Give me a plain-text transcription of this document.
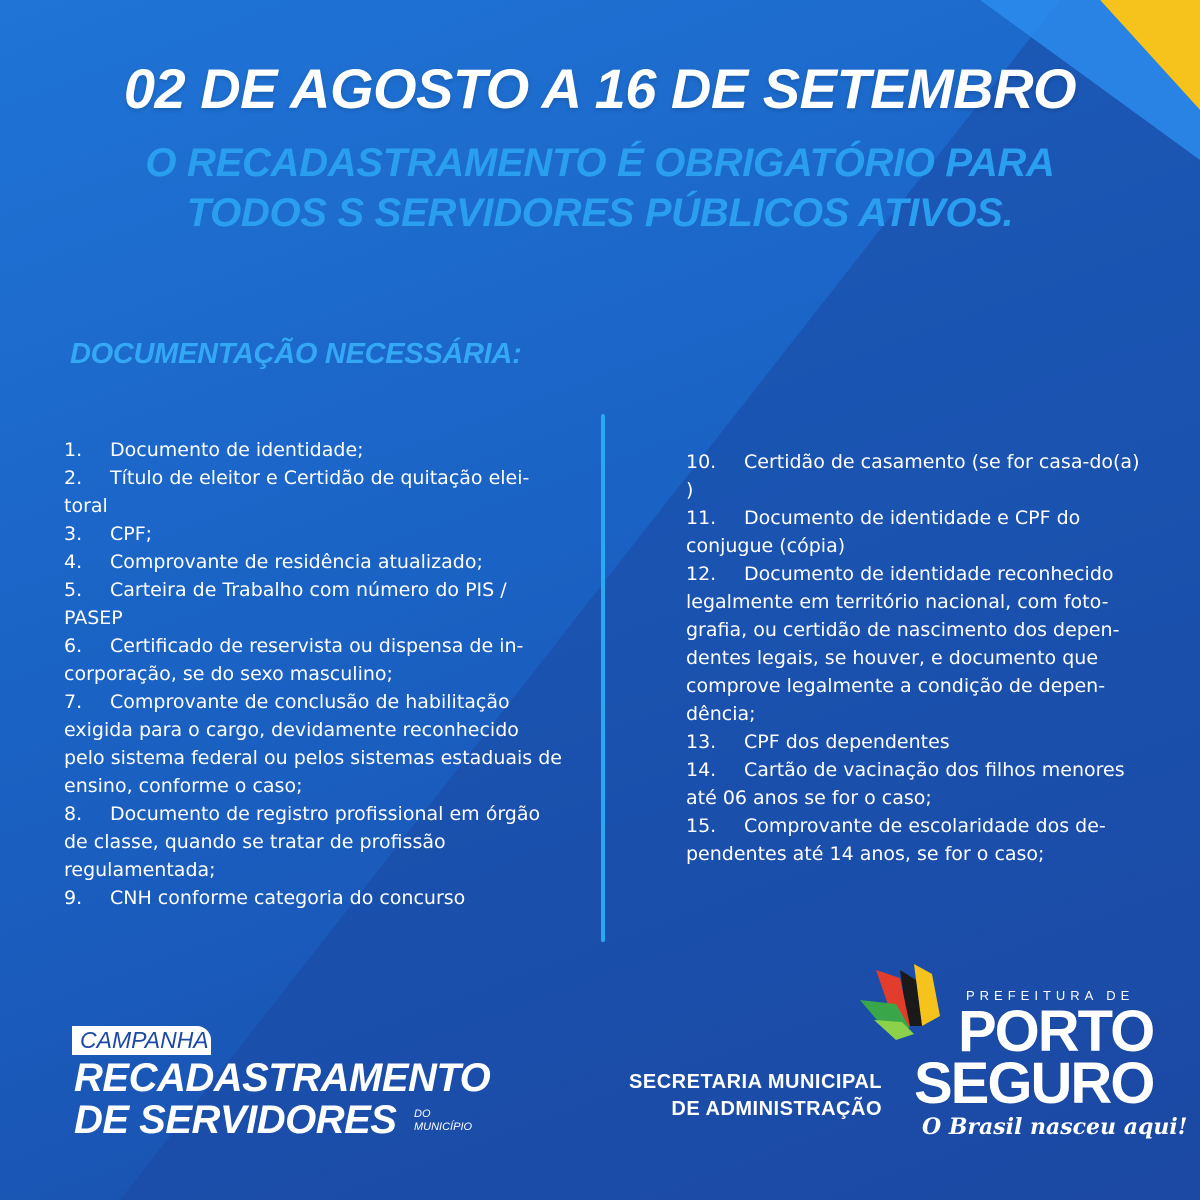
02 DE AGOSTO A 16 DE SETEMBRO
O RECADASTRAMENTO É OBRIGATÓRIO PARA
TODOS S SERVIDORES PÚBLICOS ATIVOS.
DOCUMENTAÇÃO NECESSÁRIA:
1. Documento de identidade;
2. Título de eleitor e Certidão de quitação elei-toral
3. CPF;
4. Comprovante de residência atualizado;
5. Carteira de Trabalho com número do PIS / PASEP
6. Certificado de reservista ou dispensa de in-corporação, se do sexo masculino;
7. Comprovante de conclusão de habilitação exigida para o cargo, devidamente reconhecido pelo sistema federal ou pelos sistemas estaduais de ensino, conforme o caso;
8. Documento de registro profissional em órgão de classe, quando se tratar de profissão regulamentada;
9. CNH conforme categoria do concurso
10. Certidão de casamento (se for casa-do(a) )
11. Documento de identidade e CPF do conjugue (cópia)
12. Documento de identidade reconhecido legalmente em território nacional, com foto-grafia, ou certidão de nascimento dos depen-dentes legais, se houver, e documento que comprove legalmente a condição de depen-dência;
13. CPF dos dependentes
14. Cartão de vacinação dos filhos menores até 06 anos se for o caso;
15. Comprovante de escolaridade dos de-pendentes até 14 anos, se for o caso;
CAMPANHA

RECADASTRAMENTO

DE SERVIDORES DO
MUNICÍPIO

SECRETARIA MUNICIPAL

DE ADMINISTRAÇÃO

PREFEITURA DE
PORTO
SEGURO
O Brasil nasceu aqui!
